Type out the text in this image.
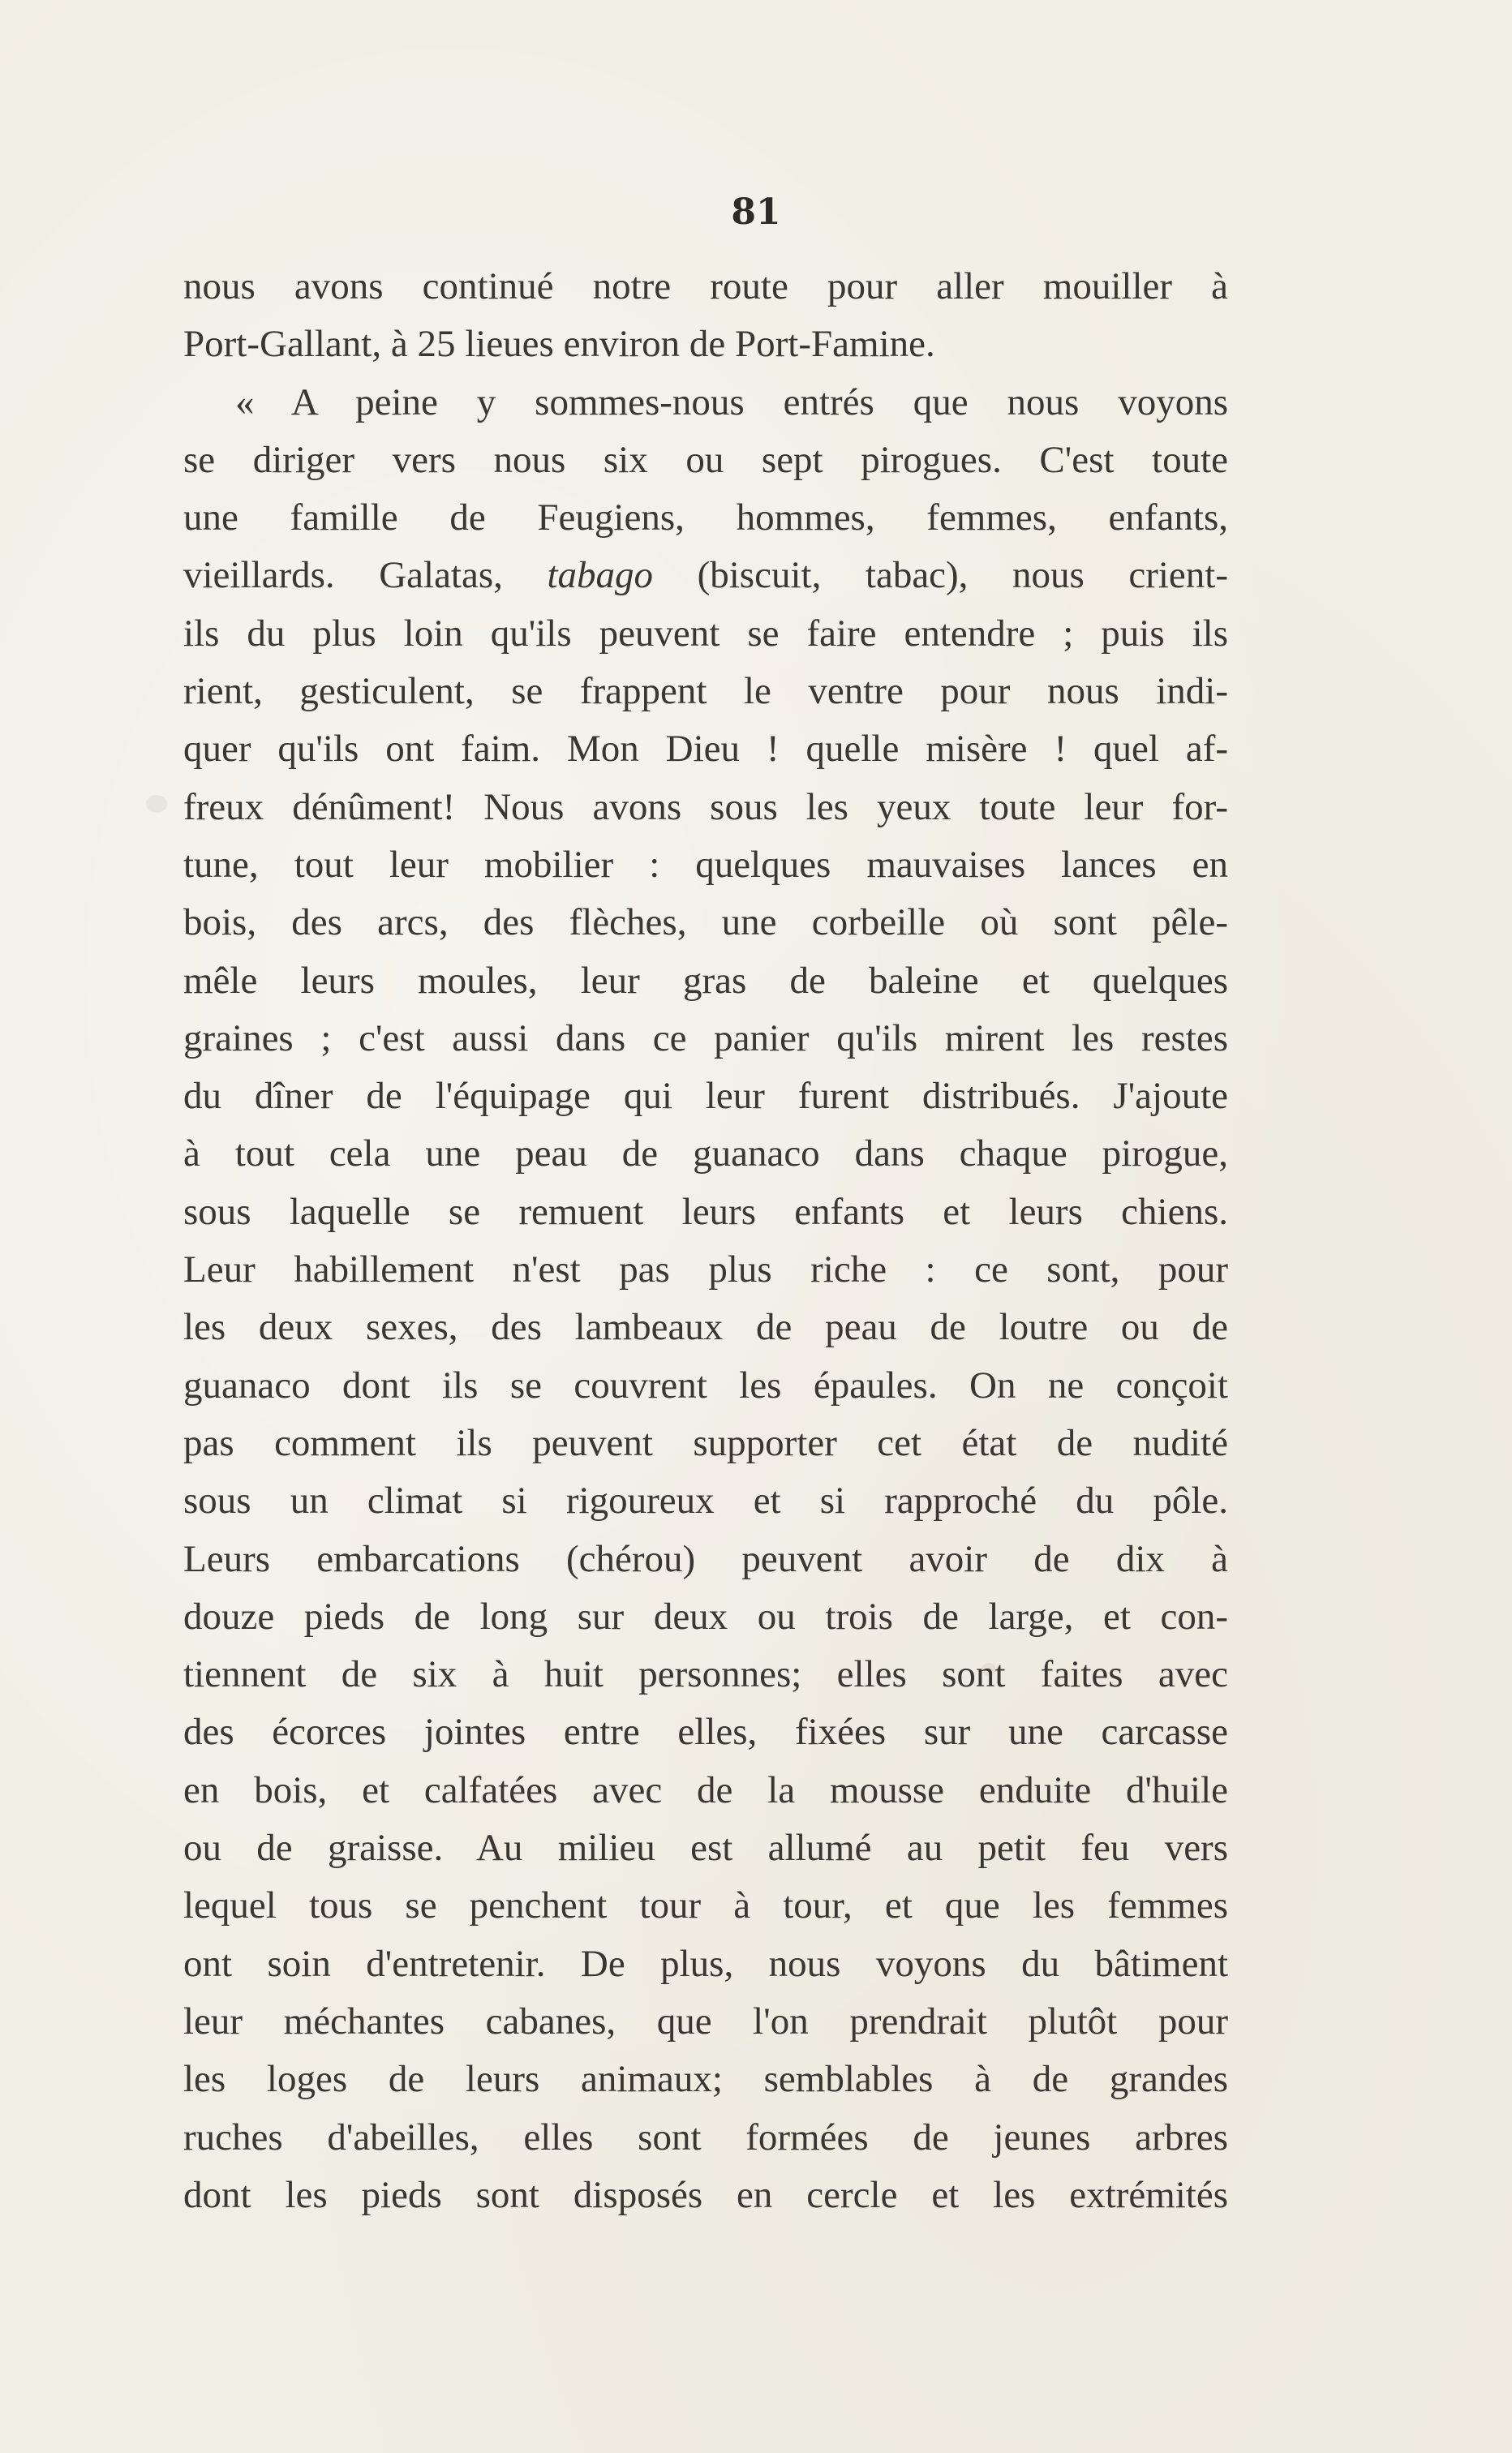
81
nous avons continué notre route pour aller mouiller à
Port-Gallant, à 25 lieues environ de Port-Famine.
« A peine y sommes-nous entrés que nous voyons
se diriger vers nous six ou sept pirogues. C'est toute
une famille de Feugiens, hommes, femmes, enfants,
vieillards. Galatas, tabago (biscuit, tabac), nous crient-
ils du plus loin qu'ils peuvent se faire entendre ; puis ils
rient, gesticulent, se frappent le ventre pour nous indi-
quer qu'ils ont faim. Mon Dieu ! quelle misère ! quel af-
freux dénûment! Nous avons sous les yeux toute leur for-
tune, tout leur mobilier : quelques mauvaises lances en
bois, des arcs, des flèches, une corbeille où sont pêle-
mêle leurs moules, leur gras de baleine et quelques
graines ; c'est aussi dans ce panier qu'ils mirent les restes
du dîner de l'équipage qui leur furent distribués. J'ajoute
à tout cela une peau de guanaco dans chaque pirogue,
sous laquelle se remuent leurs enfants et leurs chiens.
Leur habillement n'est pas plus riche : ce sont, pour
les deux sexes, des lambeaux de peau de loutre ou de
guanaco dont ils se couvrent les épaules. On ne conçoit
pas comment ils peuvent supporter cet état de nudité
sous un climat si rigoureux et si rapproché du pôle.
Leurs embarcations (chérou) peuvent avoir de dix à
douze pieds de long sur deux ou trois de large, et con-
tiennent de six à huit personnes; elles sont faites avec
des écorces jointes entre elles, fixées sur une carcasse
en bois, et calfatées avec de la mousse enduite d'huile
ou de graisse. Au milieu est allumé au petit feu vers
lequel tous se penchent tour à tour, et que les femmes
ont soin d'entretenir. De plus, nous voyons du bâtiment
leur méchantes cabanes, que l'on prendrait plutôt pour
les loges de leurs animaux; semblables à de grandes
ruches d'abeilles, elles sont formées de jeunes arbres
dont les pieds sont disposés en cercle et les extrémités
